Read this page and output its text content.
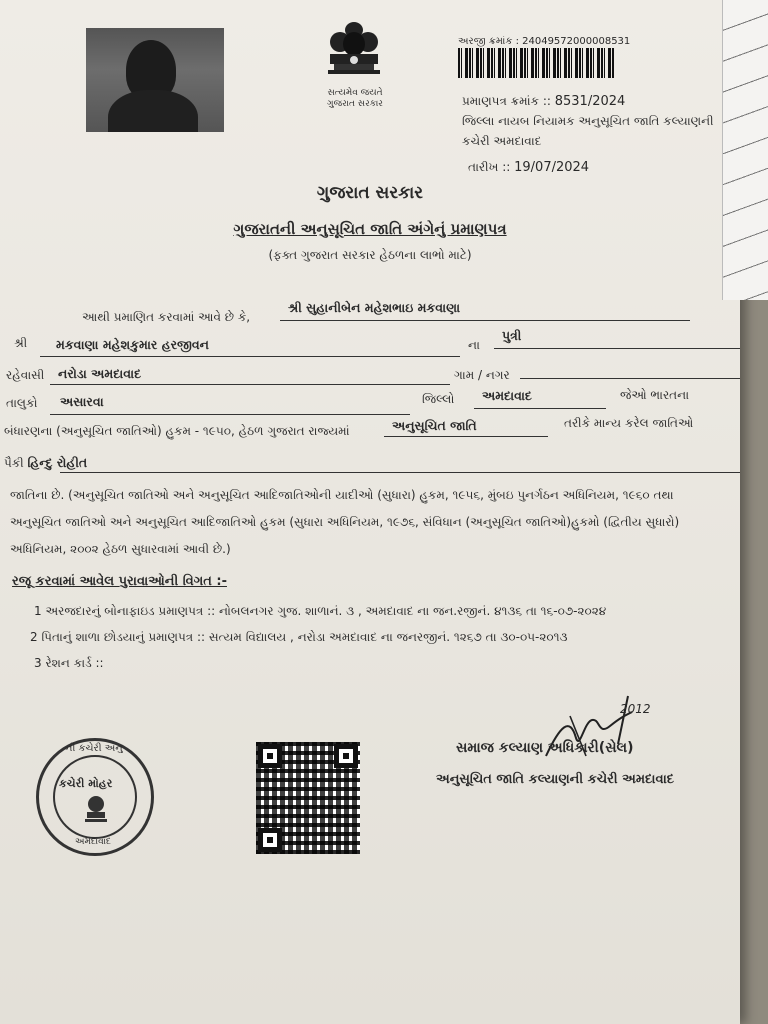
સત્યમેવ જયતે
ગુજરાત સરકાર
અરજી ક્રમાંક : 24049572000008531
પ્રમાણપત્ર ક્રમાંક :: 8531/2024
જિલ્લા નાયબ નિયામક અનુસૂચિત જાતિ કલ્યાણની
કચેરી અમદાવાદ
તારીખ :: 19/07/2024
ગુજરાત સરકાર
ગુજરાતની અનુસૂચિત જાતિ અંગેનું પ્રમાણપત્ર
(ફક્ત ગુજરાત સરકાર હેઠળના લાભો માટે)
આથી પ્રમાણિત કરવામાં આવે છે કે,
શ્રી સુહાનીબેન મહેશભાઇ મકવાણા
શ્રી મકવાણા મહેશકુમાર હરજીવન	ના
પુત્રી
રહેવાસી નરોડા અમદાવાદ	ગામ / નગર
તાલુકો અસારવા	જિલ્લો અમદાવાદ	જેઓ ભારતના
બંધારણના (અનુસૂચિત જાતિઓ) હુકમ - ૧૯૫૦, હેઠળ ગુજરાત રાજ્યમાં	અનુસૂચિત જાતિ	તરીકે માન્ય કરેલ જાતિઓ
પૈકી હિન્દુ રોહીત
જાતિના છે. (અનુસૂચિત જાતિઓ અને અનુસૂચિત આદિજાતિઓની યાદીઓ (સુધારા) હુકમ, ૧૯૫૬, મુંબઇ પુનર્ગઠન અધિનિયમ, ૧૯૬૦ તથા
અનુસૂચિત જાતિઓ અને અનુસૂચિત આદિજાતિઓ હુકમ (સુધારા અધિનિયમ, ૧૯૭૬, સંવિધાન (અનુસૂચિત જાતિઓ)હુકમો (દ્વિતીય સુધારો)
અધિનિયમ, ૨૦૦૨ હેઠળ સુધારવામાં આવી છે.)
રજૂ કરવામાં આવેલ પુરાવાઓની વિગત :-
1 અરજદારનું બોનાફાઇડ પ્રમાણપત્ર :: નોબલનગર ગુજ. શાળાનં. ૩ , અમદાવાદ ના જન.રજીનં. ૪૧૩૬ તા ૧૬-૦૭-૨૦૨૪
2 પિતાનું શાળા છોડયાનું પ્રમાણપત્ર :: સત્યમ વિદ્યાલય , નરોડા અમદાવાદ ના જનરજીનં. ૧૨૬૭ તા ૩૦-૦૫-૨૦૧૩
3 રેશન કાર્ડ ::
ની કચેરી અનુ
કચેરી મોહર
અમદાવાદ
2012
સમાજ કલ્યાણ અધિકારી(સેલ)
અનુસૂચિત જાતિ કલ્યાણની કચેરી અમદાવાદ
